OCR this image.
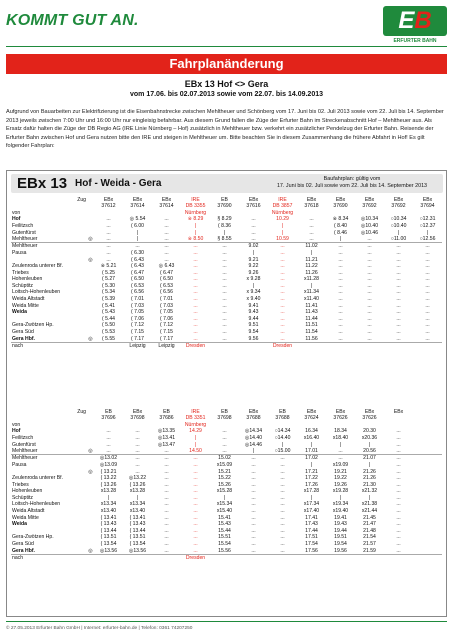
KOMMT GUT AN.	EB
ERFURTER BAHN
Fahrplanänderung
EBx 13 Hof <> Gera
vom 17.06. bis 02.07.2013 sowie vom 22.07. bis 14.09.2013
Aufgrund von Bauarbeiten zur Elektrifizierung ist die Eisenbahnstrecke zwischen Mehltheuer und Schönberg vom 17. Juni bis 02. Juli 2013 sowie vom 22. Juli bis 14. September 2013 jeweils zwischen 7:00 Uhr und 16:00 Uhr nur eingleisig befahrbar. Aus diesem Grund fallen die Züge der Erfurter Bahn im Streckenabschnitt Hof – Mehltheuer aus. Als Ersatz dafür halten die Züge der DB Regio AG (IRE Linie Nürnberg – Hof) zusätzlich in Mehltheuer bzw. verkehrt ein zusätzlicher Pendelzug der Erfurter Bahn. Reisende der Erfurter Bahn zwischen Hof und Gera nutzen bitte den IRE und steigen in Mehltheuer um. Bitte beachten Sie in diesem Zusammenhang die frühere Abfahrt in Hof! Es gilt folgender Fahrplan:
EBx 13 Hof - Weida - Gera	Baufahrplan: gültig vom
17. Juni bis 02. Juli sowie vom 22. Juli bis 14. September 2013
Zug		EBx	EBx	EBx	IRE	EB	EBx	IRE	EBx	EBx	EBx	EBx	EBx
		37612	37614	37614	DB 3355	37690	37616	DB 3857	37618	37690	37692	37692	37694
von					Nürnberg			Nürnberg					
Hof		...	◎ 5.54	...	※ 8.29	§ 8.29	...	10.29	...	※ 8.34	◎10.34	○10.34	○12.31
Feilitzsch		...	( 6.00	...	|	( 8.36	...	|	...	( 8.40	◎10.40	○10.40	○12.37
Gutenfürst		...	|	...	|	|	...	|	...	( 8.46	◎10.46	|	|
Mehltheuer	◎	...	|	...	※ 8.50	§ 8.55	...	10.59	...	|	...	○11.00	○12.56
Mehltheuer		...	...	...	...	...	9.02	...	11.02	...	...	...	...
Pausa		...	( 6.30	...	...	...	|	...	|	...	...	...	...
	◎	...	( 6.43	...	...	...	9.21	...	11.21	...	...	...	...
Zeulenroda unterer Bf.		※ 5.21	( 6.43	◎ 6.43	...	...	9.22	...	11.22	...	...	...	...
Triebes		( 5.25	( 6.47	( 6.47	...	...	9.26	...	11.26	...	...	...	...
Hohenleuben		( 5.27	( 6.50	( 6.50	...	...	x 9.28	...	x11.28	...	...	...	...
Schüptitz		( 5.30	( 6.53	( 6.53	...	...	|	...	|	...	...	...	...
Loitsch-Hohenleuben		( 5.34	( 6.56	( 6.56	...	...	x 9.34	...	x11.34	...	...	...	...
Weida Altstadt		( 5.39	( 7.01	( 7.01	...	...	x 9.40	...	x11.40	...	...	...	...
Weida Mitte		( 5.41	( 7.03	( 7.03	...	...	9.41	...	11.41	...	...	...	...
Weida		( 5.43	( 7.05	( 7.05	...	...	9.43	...	11.43	...	...	...	...
		( 5.44	( 7.06	( 7.06	...	...	9.44	...	11.44	...	...	...	...
Gera-Zwötzen Hp.		( 5.50	( 7.12	( 7.12	...	...	9.51	...	11.51	...	...	...	...
Gera Süd		( 5.53	( 7.15	( 7.15	...	...	9.54	...	11.54	...	...	...	...
Gera Hbf.	◎	( 5.55	( 7.17	( 7.17	...	...	9.56	...	11.56	...	...	...	...
nach			Leipzig	Leipzig	Dresden			Dresden					
Zug		EB	EBx	EB	IRE	EB	EBx	EB	EBx	EBx	EBx	EBx	
		37696	37698	37686	DB 3351	37698	37688	37688	37624	37626	37626		
von					Nürnberg								
Hof		...	...	◎13.35	14.29	...	◎14.34	○14.34	16.34	18.34	20.30	...	
Feilitzsch		...	...	◎13.41	|	...	◎14.40	○14.40	x16.40	x18.40	x20.36	...	
Gutenfürst		...	...	◎13.47	|	...	◎14.46	|	|	|	|	...	
Mehltheuer	◎	...	...	...	14.50	...	|	○15.00	17.01	...	20.56	...	
Mehltheuer		◎13.02	...	...	...	15.02	...	...	17.02	...	21.07	...	
Pausa		◎13.09	...	...	...	x15.09	...	...	|	x19.09	|	...	
	◎	( 13.21	...	...	...	15.21	...	...	17.21	19.21	21.26	...	
Zeulenroda unterer Bf.		( 13.22	◎13.22	...	...	15.22	...	...	17.22	19.22	21.26	...	
Triebes		( 13.26	( 13.26	...	...	15.26	...	...	17.26	19.26	21.30	...	
Hohenleuben		x13.28	x13.28	...	...	x15.28	...	...	x17.28	x19.28	x21.32	...	
Schüptitz		|	|	...	...	|	...	...	|	|	|	...	
Loitsch-Hohenleuben		x13.34	x13.34	...	...	x15.34	...	...	x17.34	x19.34	x21.38	...	
Weida Altstadt		x13.40	x13.40	...	...	x15.40	...	...	x17.40	x19.40	x21.44	...	
Weida Mitte		( 13.41	( 13.41	...	...	15.41	...	...	17.41	19.41	21.45	...	
Weida		( 13.43	( 13.43	...	...	15.43	...	...	17.43	19.43	21.47	...	
		( 13.44	( 13.44	...	...	15.44	...	...	17.44	19.44	21.48	...	
Gera-Zwötzen Hp.		( 13.51	( 13.51	...	...	15.51	...	...	17.51	19.51	21.54	...	
Gera Süd		( 13.54	( 13.54	...	...	15.54	...	...	17.54	19.54	21.57	...	
Gera Hbf.	◎	◎13.56	◎13.56	...	...	15.56	...	...	17.56	19.56	21.59	...	
nach					Dresden								
© 27.05.2013 Erfurter Bahn GmbH | Internet: erfurter-bahn.de | Telefon: 0361 74207250
